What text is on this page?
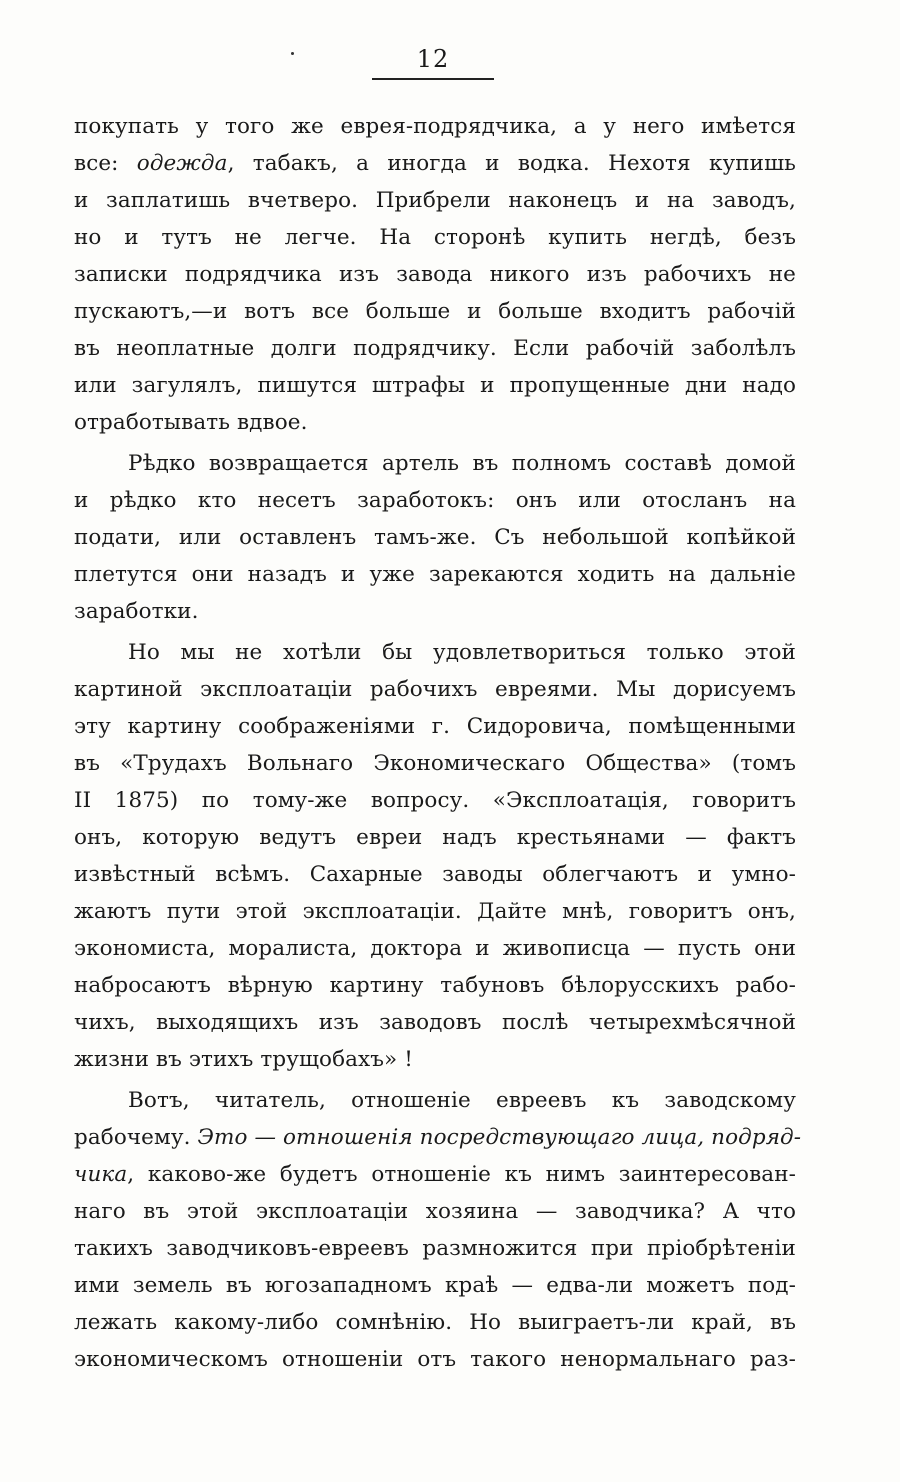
12
покупать у того же еврея-подрядчика, а у него имѣется
все: одежда, табакъ, а иногда и водка. Нехотя купишь
и заплатишь вчетверо. Прибрели наконецъ и на заводъ,
но и тутъ не легче. На сторонѣ купить негдѣ, безъ
записки подрядчика изъ завода никого изъ рабочихъ не
пускаютъ,—и вотъ все больше и больше входитъ рабочій
въ неоплатные долги подрядчику. Если рабочій заболѣлъ
или загулялъ, пишутся штрафы и пропущенные дни надо
отработывать вдвое.
Рѣдко возвращается артель въ полномъ составѣ домой
и рѣдко кто несетъ заработокъ: онъ или отосланъ на
подати, или оставленъ тамъ-же. Съ небольшой копѣйкой
плетутся они назадъ и уже зарекаются ходить на дальніе
заработки.
Но мы не хотѣли бы удовлетвориться только этой
картиной эксплоатаціи рабочихъ евреями. Мы дорисуемъ
эту картину соображеніями г. Сидоровича, помѣщенными
въ «Трудахъ Вольнаго Экономическаго Общества» (томъ
II 1875) по тому-же вопросу. «Эксплоатація, говоритъ
онъ, которую ведутъ евреи надъ крестьянами — фактъ
извѣстный всѣмъ. Сахарные заводы облегчаютъ и умно-
жаютъ пути этой эксплоатаціи. Дайте мнѣ, говоритъ онъ,
экономиста, моралиста, доктора и живописца — пусть они
набросаютъ вѣрную картину табуновъ бѣлорусскихъ рабо-
чихъ, выходящихъ изъ заводовъ послѣ четырехмѣсячной
жизни въ этихъ трущобахъ» !
Вотъ, читатель, отношеніе евреевъ къ заводскому
рабочему. Это — отношенія посредствующаго лица, подряд-
чика, каково-же будетъ отношеніе къ нимъ заинтересован-
наго въ этой эксплоатаціи хозяина — заводчика? А что
такихъ заводчиковъ-евреевъ размножится при пріобрѣтеніи
ими земель въ югозападномъ краѣ — едва-ли можетъ под-
лежать какому-либо сомнѣнію. Но выиграетъ-ли край, въ
экономическомъ отношеніи отъ такого ненормальнаго раз-
